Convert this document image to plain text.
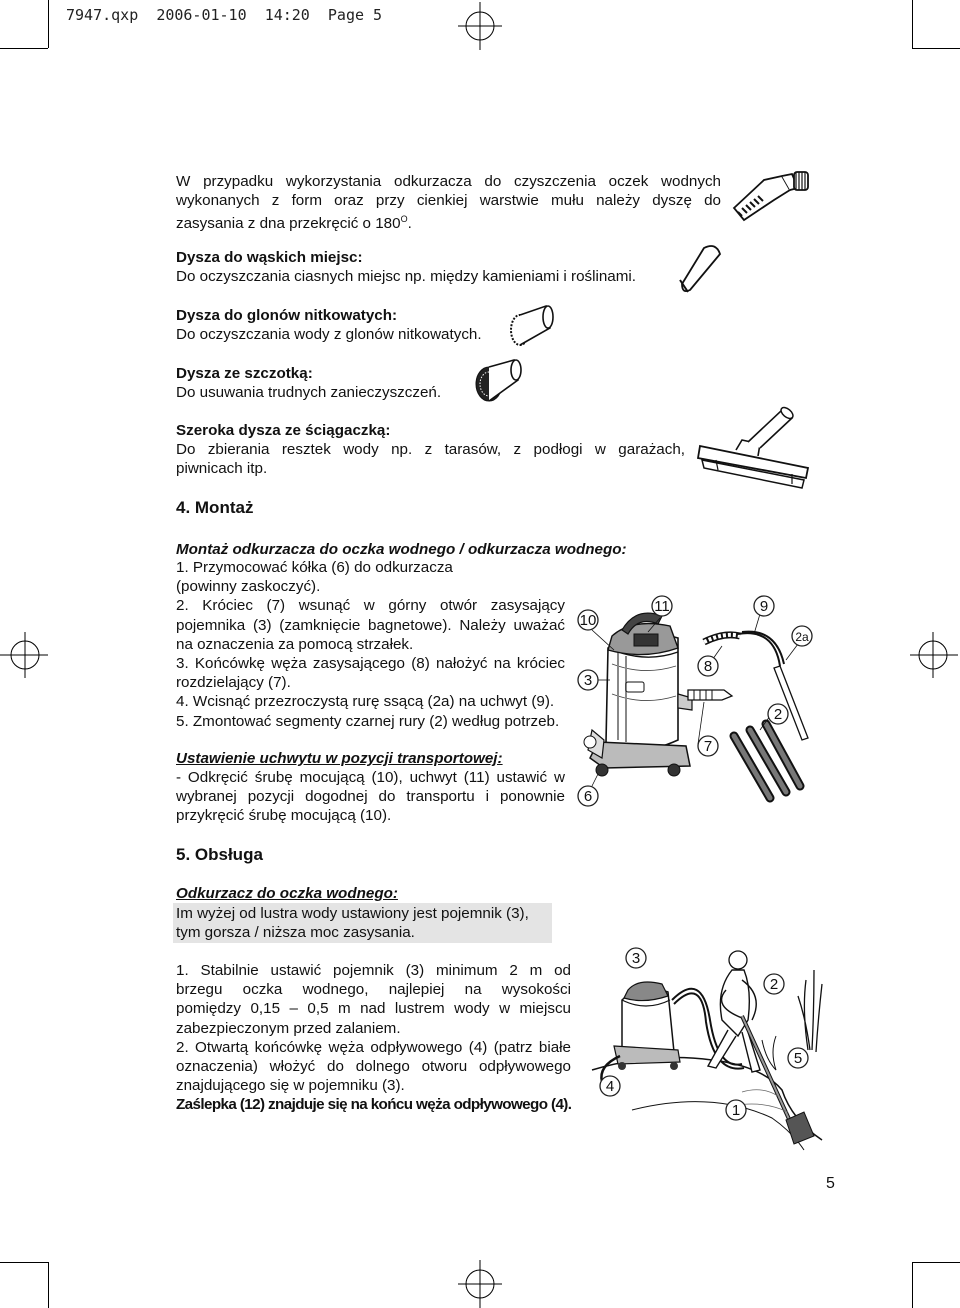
7947.qxp 2006-01-10 14:20 Page 5
W przypadku wykorzystania odkurzacza do czyszczenia oczek wodnych
wykonanych z form oraz przy cienkiej warstwie mułu należy dyszę do
zasysania z dna przekręcić o $180^O$.
Dysza do wąskich miejsc:
Do oczyszczania ciasnych miejsc np. między kamieniami i roślinami.
Dysza do glonów nitkowatych:
Do oczyszczania wody z glonów nitkowatych.
Dysza ze szczotką:
Do usuwania trudnych zanieczyszczeń.
Szeroka dysza ze ściągaczką:
Do zbierania resztek wody np. z tarasów, z podłogi w garażach,
piwnicach itp.
4. Montaż
Montaż odkurzacza do oczka wodnego / odkurzacza wodnego:
1. Przymocować kółka (6) do odkurzacza
(powinny zaskoczyć).
2. Króciec (7) wsunąć w górny otwór zasysający
pojemnika (3) (zamknięcie bagnetowe). Należy uważać
na oznaczenia za pomocą strzałek.
3. Końcówkę węża zasysającego (8) nałożyć na króciec
rozdzielający (7).
4. Wcisnąć przezroczystą rurę ssącą (2a) na uchwyt (9).
5. Zmontować segmenty czarnej rury (2) według potrzeb.
10
11	9
2a
8
3
7
2
6
Ustawienie uchwytu w pozycji transportowej:
- Odkręcić śrubę mocującą (10), uchwyt (11) ustawić w
wybranej pozycji dogodnej do transportu i ponownie
przykręcić śrubę mocującą (10).
5. Obsługa
Odkurzacz do oczka wodnego:
Im wyżej od lustra wody ustawiony jest pojemnik (3),
tym gorsza / niższa moc zasysania.
1. Stabilnie ustawić pojemnik (3) minimum 2 m od
brzegu oczka wodnego, najlepiej na wysokości
pomiędzy 0,15 – 0,5 m nad lustrem wody w miejscu
zabezpieczonym przed zalaniem.
2. Otwartą końcówkę węża odpływowego (4) (patrz białe
oznaczenia) włożyć do dolnego otworu odpływowego
znajdującego się w pojemniku (3).
Zaślepka (12) znajduje się na końcu węża odpływowego (4).
3
2
5
4
1
5
